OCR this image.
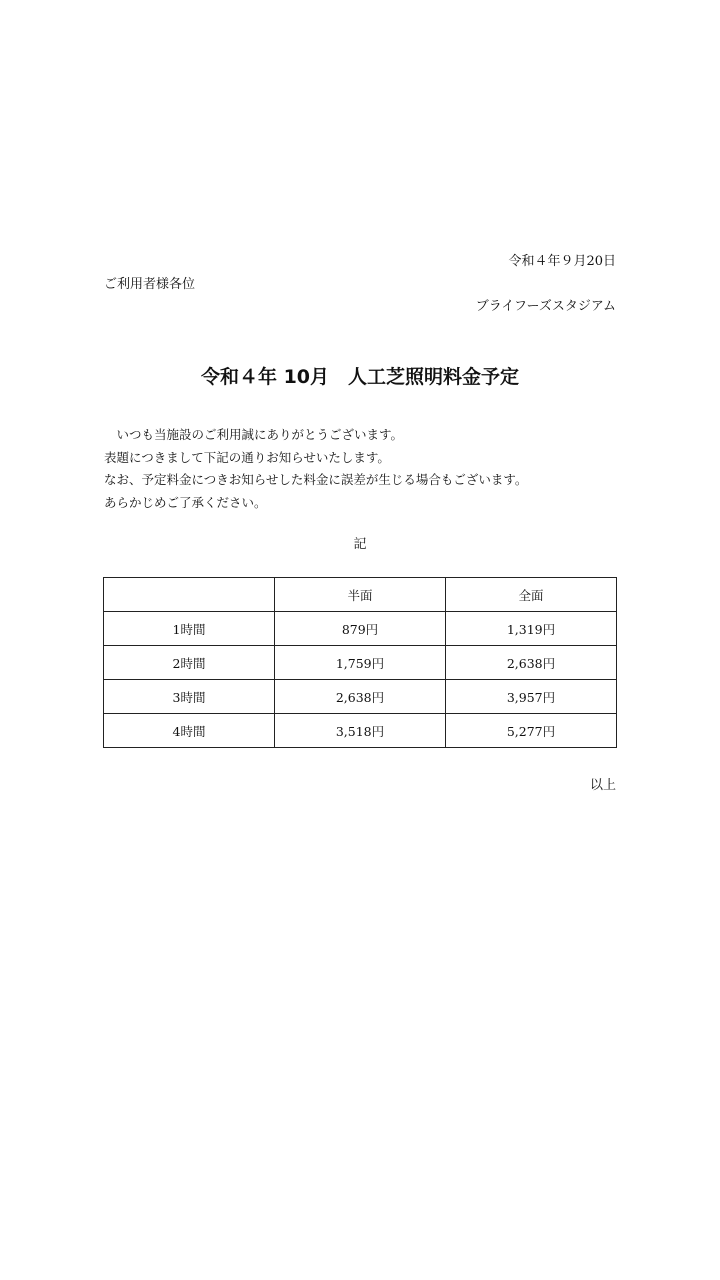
令和４年９月20日
ご利用者様各位
ブライフーズスタジアム
令和４年 10月　人工芝照明料金予定
　いつも当施設のご利用誠にありがとうございます。
表題につきまして下記の通りお知らせいたします。
なお、予定料金につきお知らせした料金に誤差が生じる場合もございます。
あらかじめご了承ください。
記
	半面	全面
1時間	879円	1,319円
2時間	1,759円	2,638円
3時間	2,638円	3,957円
4時間	3,518円	5,277円
以上
